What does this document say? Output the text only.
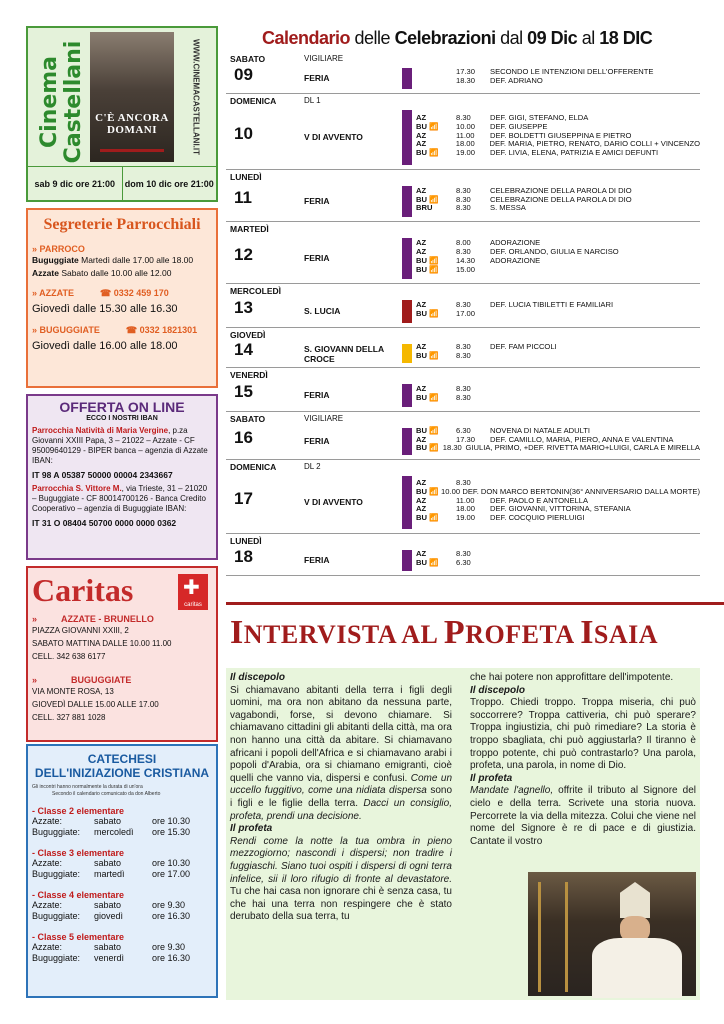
Cinema Castellani C'È ANCORA DOMANI	WWW.CINEMACASTELLANI.IT
sab 9 dic ore 21:00	dom 10 dic ore 21:00
Segreterie Parrocchiali
» PARROCO
Buguggiate Martedì dalle 17.00 alle 18.00
Azzate Sabato dalle 10.00 alle 12.00
» AZZATE	☎ 0332 459 170
Giovedì dalle 15.30 alle 16.30
» BUGUGGIATE	☎ 0332 1821301
Giovedì dalle 16.00 alle 18.00
OFFERTA ON LINE
ECCO I NOSTRI IBAN

Parrocchia Natività di Maria Vergine, p.za Giovanni XXIII Papa, 3 – 21022 – Azzate - CF 95009640129 - BIPER banca – agenzia di Azzate IBAN:

IT 98 A 05387 50000 00004 2343667

Parrocchia S. Vittore M., via Trieste, 31 – 21020 – Buguggiate - CF 80014700126 - Banca Credito Cooperativo – agenzia di Buguggiate IBAN:

IT 31 O 08404 50700 0000 0000 0362

Caritas	✚
caritas
»	AZZATE - BRUNELLO
PIAZZA GIOVANNI XXIII, 2
SABATO MATTINA DALLE 10.00 11.00
CELL. 342 638 6177
»	BUGUGGIATE
VIA MONTE ROSA, 13
GIOVEDÌ DALLE 15.00 ALLE 17.00
CELL. 327 881 1028
CATECHESI
DELL'INIZIAZIONE CRISTIANA
Gli incontri hanno normalmente la durata di un'ora
Secondo il calendario comunicato da don Alberto
- Classe 2 elementare
Azzate:	sabato	ore 10.30
Buguggiate:	mercoledì	ore 15.30
- Classe 3 elementare
Azzate:	sabato	ore 10.30
Buguggiate:	martedì	ore 17.00
- Classe 4 elementare
Azzate:	sabato	ore 9.30
Buguggiate:	giovedì	ore 16.30
- Classe 5 elementare
Azzate:	sabato	ore 9.30
Buguggiate:	venerdì	ore 16.30
Calendario delle Celebrazioni dal 09 Dic al 18 DIC
SABATO	VIGILIARE
09	FERIA
17.30	SECONDO LE INTENZIONI DELL'OFFERENTE
18.30	DEF. ADRIANO
DOMENICA	DL 1
10	V DI AVVENTO
AZ	8.30	DEF. GIGI, STEFANO, ELDA
BU 📶	10.00	DEF. GIUSEPPE
AZ	11.00	DEF. BOLDETTI GIUSEPPINA E PIETRO
AZ	18.00	DEF. MARIA, PIETRO, RENATO, DARIO COLLI + VINCENZO
BU 📶	19.00	DEF. LIVIA, ELENA, PATRIZIA E AMICI DEFUNTI
LUNEDÌ
11	FERIA
AZ	8.30	CELEBRAZIONE DELLA PAROLA DI DIO
BU 📶	8.30	CELEBRAZIONE DELLA PAROLA DI DIO
BRU	8.30	S. MESSA
MARTEDÌ
12	FERIA
AZ	8.00	ADORAZIONE
AZ	8.30	DEF. ORLANDO, GIULIA E NARCISO
BU 📶	14.30	ADORAZIONE
BU 📶	15.00
MERCOLEDÌ
13	S. LUCIA
AZ	8.30	DEF. LUCIA TIBILETTI E FAMILIARI
BU 📶	17.00
GIOVEDÌ
14	S. GIOVANN DELLA CROCE
AZ	8.30	DEF. FAM PICCOLI
BU 📶	8.30
VENERDÌ
15	FERIA
AZ	8.30
BU 📶	8.30
SABATO	VIGILIARE
16	FERIA
BU 📶	6.30	NOVENA DI NATALE ADULTI
AZ	17.30	DEF. CAMILLO, MARIA, PIERO, ANNA E VALENTINA
BU 📶 18.30 GIULIA, PRIMO, +DEF. RIVETTA MARIO+LUIGI, CARLA E MIRELLA
DOMENICA	DL 2
17	V DI AVVENTO
AZ	8.30
BU 📶 10.00 DEF. DON MARCO BERTONIN(36° ANNIVERSARIO DALLA MORTE)
AZ	11.00	DEF. PAOLO E ANTONELLA
AZ	18.00	DEF. GIOVANNI, VITTORINA, STEFANIA
BU 📶	19.00	DEF. COCQUIO PIERLUIGI
LUNEDÌ
18	FERIA
AZ	8.30
BU 📶	6.30
INTERVISTA AL PROFETA ISAIA
Il discepolo
Si chiamavano abitanti della terra i figli degli uomini, ma ora non abitano da nessuna parte, vagabondi, forse, si devono chiamare. Si chiamavano cittadini gli abitanti della città, ma ora non hanno una città da abitare. Si chiamavano africani i popoli dell'Africa e si chiamavano arabi i popoli d'Arabia, ora si chiamano emigranti, cioè quelli che vanno via, dispersi e confusi. Come un uccello fuggitivo, come una nidiata dispersa sono i figli e le figlie della terra. Dacci un consiglio, profeta, prendi una decisione.
Il profeta
Rendi come la notte la tua ombra in pieno mezzogiorno; nascondi i dispersi; non tradire i fuggiaschi. Siano tuoi ospiti i dispersi di ogni terra infelice, sii il loro rifugio di fronte al devastatore. Tu che hai casa non ignorare chi è senza casa, tu che hai una terra non respingere che è stato derubato della sua terra, tu
che hai potere non approfittare dell'impotente.
Il discepolo
Troppo. Chiedi troppo. Troppa miseria, chi può soccorrere? Troppa cattiveria, chi può sperare? Troppa ingiustizia, chi può rimediare? La storia è troppo sbagliata, chi può aggiustarla? Il tiranno è troppo potente, chi può contrastarlo? Una parola, profeta, una parola, in nome di Dio.
Il profeta
Mandate l'agnello, offrite il tributo al Signore del cielo e della terra. Scrivete una storia nuova. Percorrete la via della mitezza. Colui che viene nel nome del Signore è re di pace e di giustizia. Cantate il vostro
